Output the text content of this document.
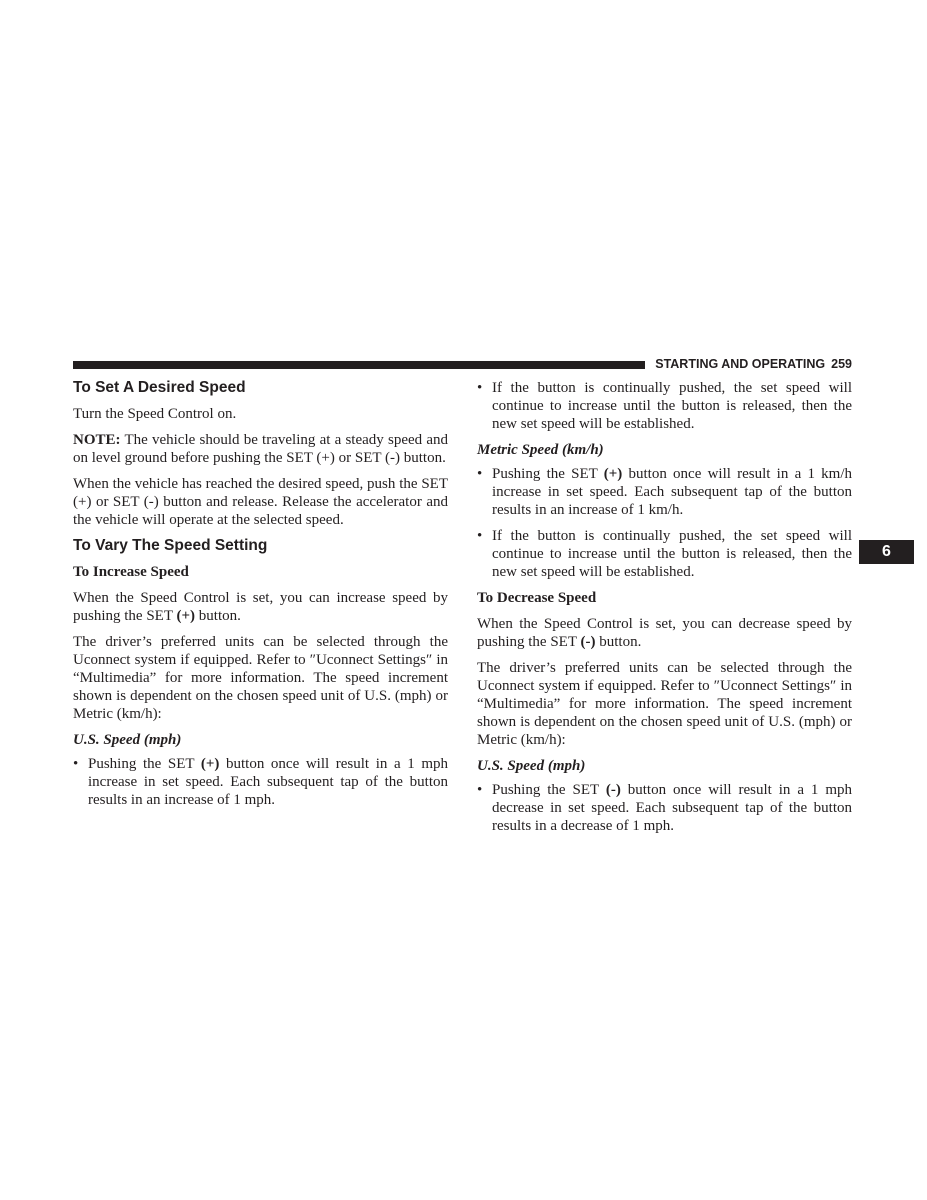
STARTING AND OPERATING 259
6
To Set A Desired Speed

Turn the Speed Control on.

NOTE: The vehicle should be traveling at a steady speed and on level ground before pushing the SET (+) or SET (-) button.

When the vehicle has reached the desired speed, push the SET (+) or SET (-) button and release. Release the accelerator and the vehicle will operate at the selected speed.

To Vary The Speed Setting
To Increase Speed

When the Speed Control is set, you can increase speed by pushing the SET (+) button.

The driver’s preferred units can be selected through the Uconnect system if equipped. Refer to ″Uconnect Settings″ in “Multimedia” for more information. The speed increment shown is dependent on the chosen speed unit of U.S. (mph) or Metric (km/h):

U.S. Speed (mph)
• Pushing the SET (+) button once will result in a 1 mph increase in set speed. Each subsequent tap of the button results in an increase of 1 mph.
• If the button is continually pushed, the set speed will continue to increase until the button is released, then the new set speed will be established.
Metric Speed (km/h)
• Pushing the SET (+) button once will result in a 1 km/h increase in set speed. Each subsequent tap of the button results in an increase of 1 km/h.
• If the button is continually pushed, the set speed will continue to increase until the button is released, then the new set speed will be established.
To Decrease Speed

When the Speed Control is set, you can decrease speed by pushing the SET (-) button.

The driver’s preferred units can be selected through the Uconnect system if equipped. Refer to ″Uconnect Settings″ in “Multimedia” for more information. The speed increment shown is dependent on the chosen speed unit of U.S. (mph) or Metric (km/h):

U.S. Speed (mph)
• Pushing the SET (-) button once will result in a 1 mph decrease in set speed. Each subsequent tap of the button results in a decrease of 1 mph.
